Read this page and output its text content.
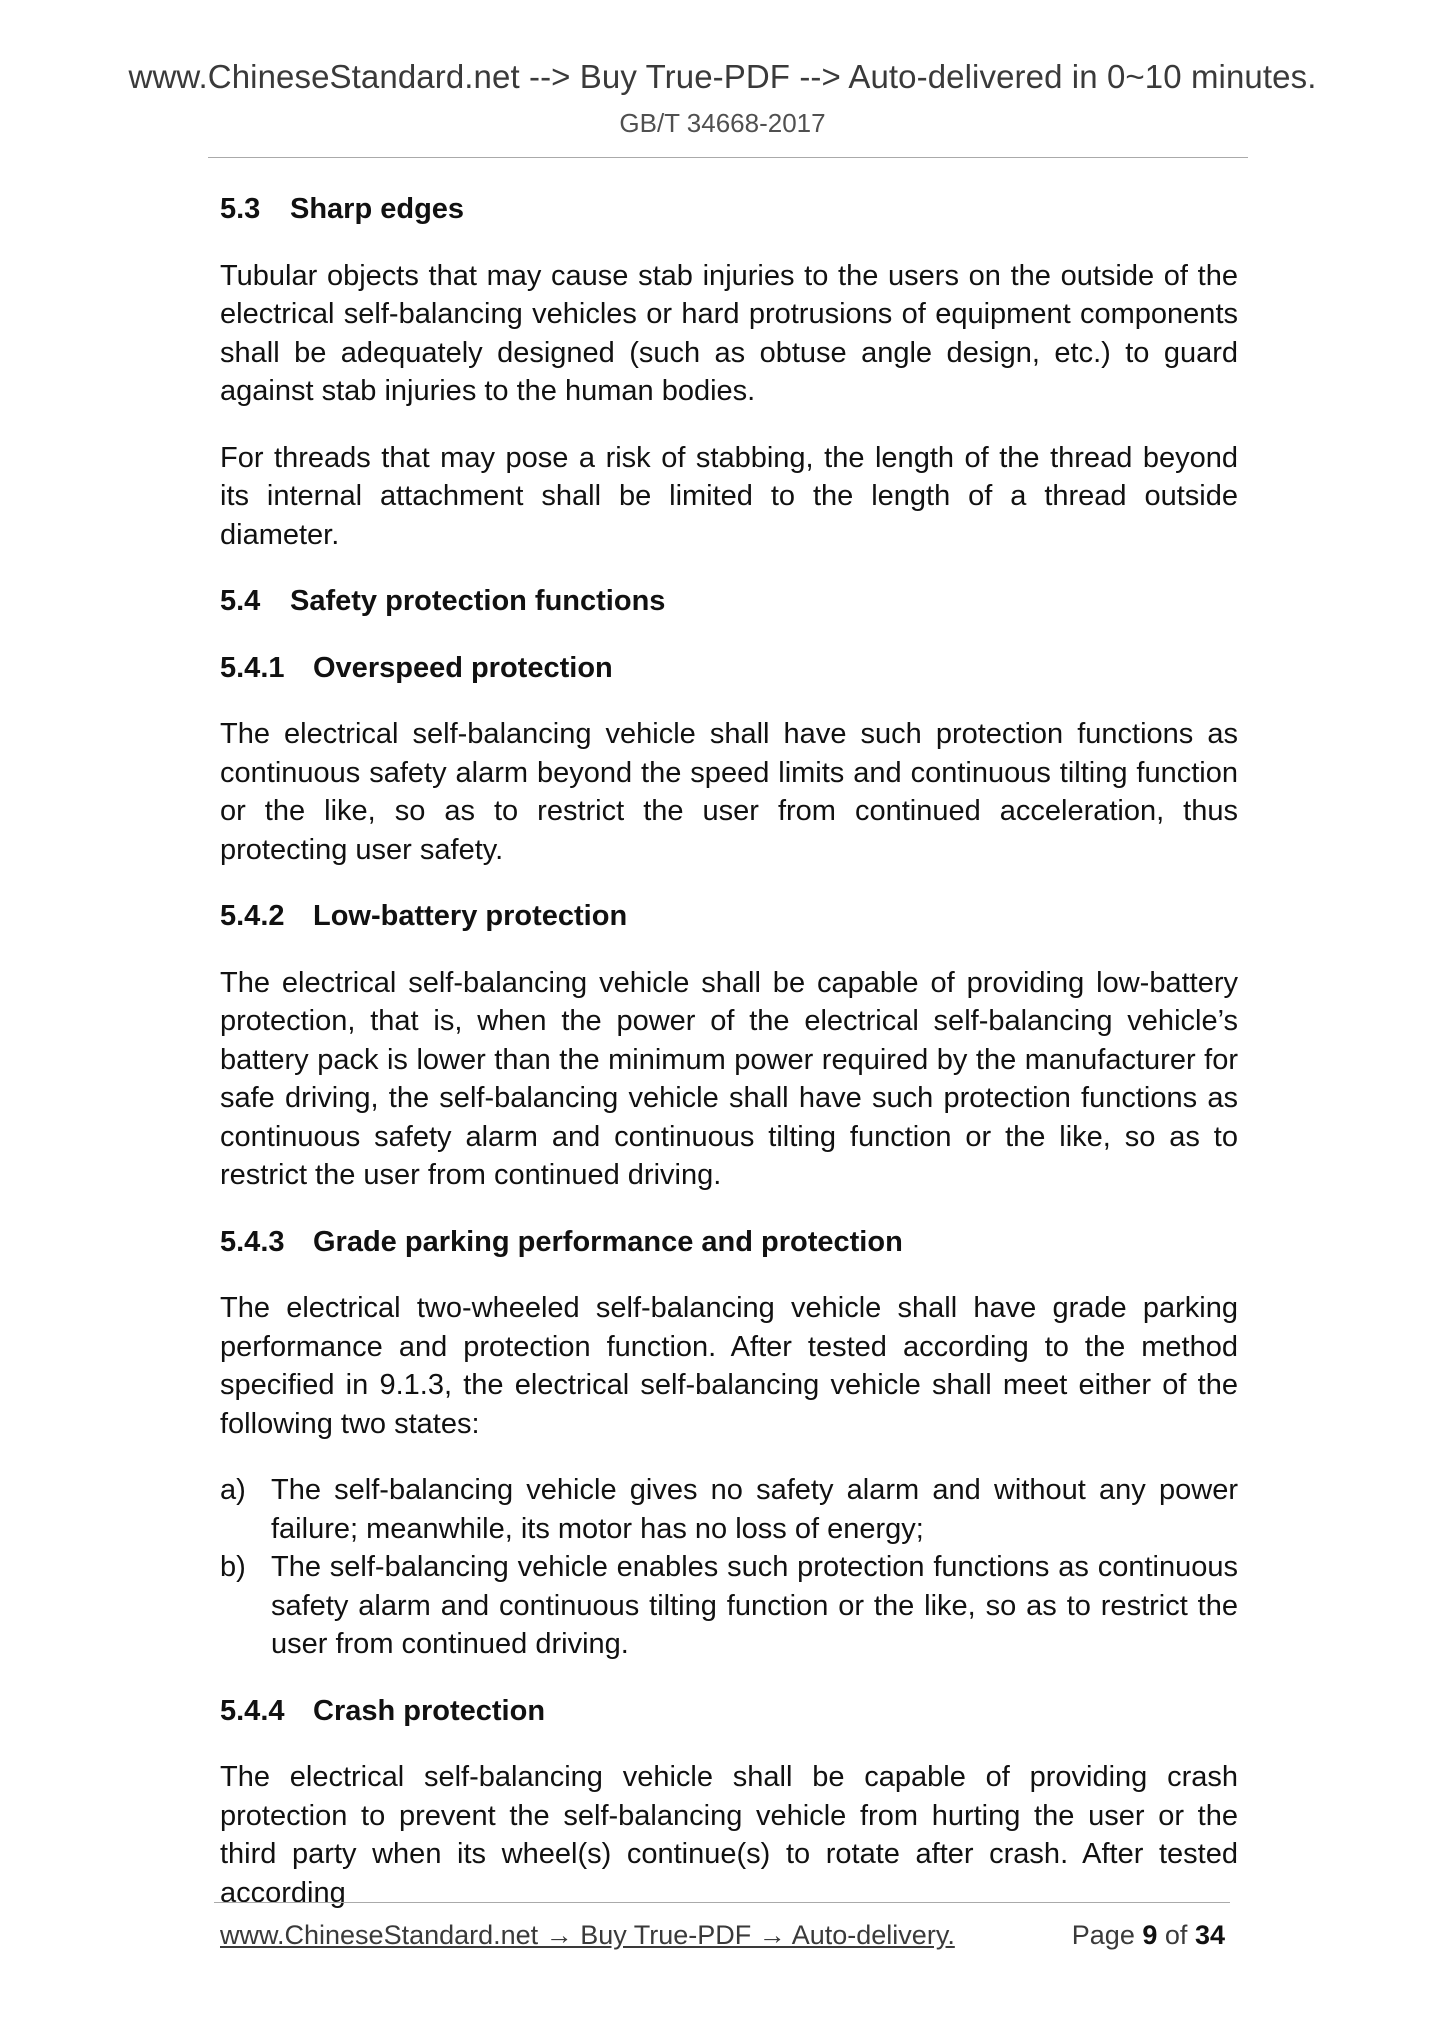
www.ChineseStandard.net --> Buy True-PDF --> Auto-delivered in 0~10 minutes.
GB/T 34668-2017
5.3 Sharp edges

Tubular objects that may cause stab injuries to the users on the outside of the electrical self-balancing vehicles or hard protrusions of equipment components shall be adequately designed (such as obtuse angle design, etc.) to guard against stab injuries to the human bodies.

For threads that may pose a risk of stabbing, the length of the thread beyond its internal attachment shall be limited to the length of a thread outside diameter.

5.4 Safety protection functions
5.4.1 Overspeed protection

The electrical self-balancing vehicle shall have such protection functions as continuous safety alarm beyond the speed limits and continuous tilting function or the like, so as to restrict the user from continued acceleration, thus protecting user safety.

5.4.2 Low-battery protection

The electrical self-balancing vehicle shall be capable of providing low-battery protection, that is, when the power of the electrical self-balancing vehicle’s battery pack is lower than the minimum power required by the manufacturer for safe driving, the self-balancing vehicle shall have such protection functions as continuous safety alarm and continuous tilting function or the like, so as to restrict the user from continued driving.

5.4.3 Grade parking performance and protection

The electrical two-wheeled self-balancing vehicle shall have grade parking performance and protection function. After tested according to the method specified in 9.1.3, the electrical self-balancing vehicle shall meet either of the following two states:

a) The self-balancing vehicle gives no safety alarm and without any power failure; meanwhile, its motor has no loss of energy;
b) The self-balancing vehicle enables such protection functions as continuous safety alarm and continuous tilting function or the like, so as to restrict the user from continued driving.
5.4.4 Crash protection

The electrical self-balancing vehicle shall be capable of providing crash protection to prevent the self-balancing vehicle from hurting the user or the third party when its wheel(s) continue(s) to rotate after crash. After tested according

www.ChineseStandard.net → Buy True-PDF → Auto-delivery.	Page 9 of 34
